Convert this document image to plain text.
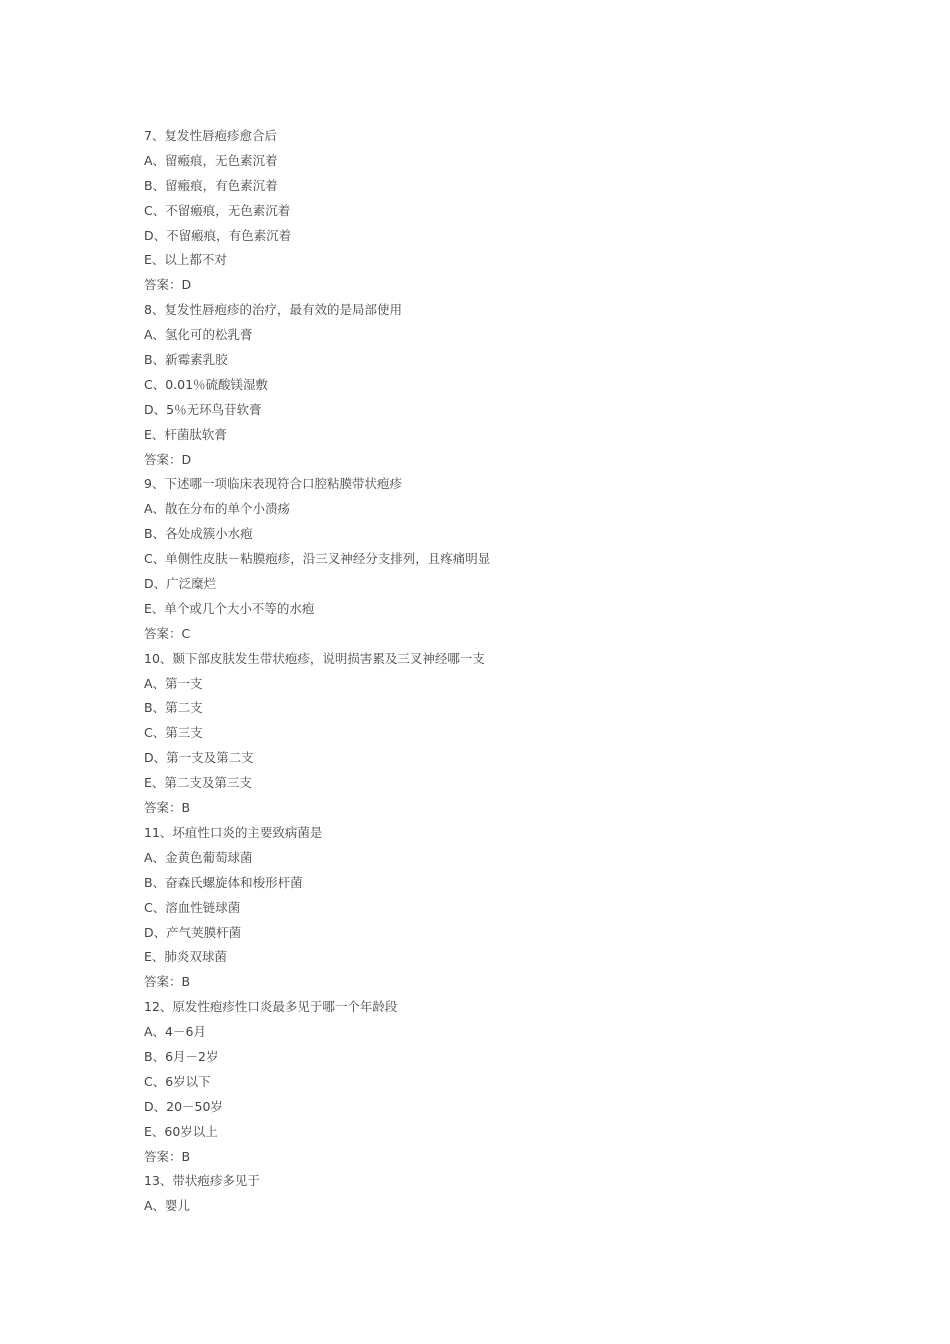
7、复发性唇疱疹愈合后
A、留瘢痕，无色素沉着
B、留瘢痕，有色素沉着
C、不留瘢痕，无色素沉着
D、不留瘢痕，有色素沉着
E、以上都不对
答案：D
8、复发性唇疱疹的治疗，最有效的是局部使用
A、氢化可的松乳膏
B、新霉素乳胶
C、0.01％硫酸镁湿敷
D、5％无环鸟苷软膏
E、杆菌肽软膏
答案：D
9、下述哪一项临床表现符合口腔粘膜带状疱疹
A、散在分布的单个小溃疡
B、各处成簇小水疱
C、单侧性皮肤－粘膜疱疹，沿三叉神经分支排列，且疼痛明显
D、广泛糜烂
E、单个或几个大小不等的水疱
答案：C
10、颞下部皮肤发生带状疱疹，说明损害累及三叉神经哪一支
A、第一支
B、第二支
C、第三支
D、第一支及第二支
E、第二支及第三支
答案：B
11、坏疽性口炎的主要致病菌是
A、金黄色葡萄球菌
B、奋森氏螺旋体和梭形杆菌
C、溶血性链球菌
D、产气荚膜杆菌
E、肺炎双球菌
答案：B
12、原发性疱疹性口炎最多见于哪一个年龄段
A、4－6月
B、6月－2岁
C、6岁以下
D、20－50岁
E、60岁以上
答案：B
13、带状疱疹多见于
A、婴儿
